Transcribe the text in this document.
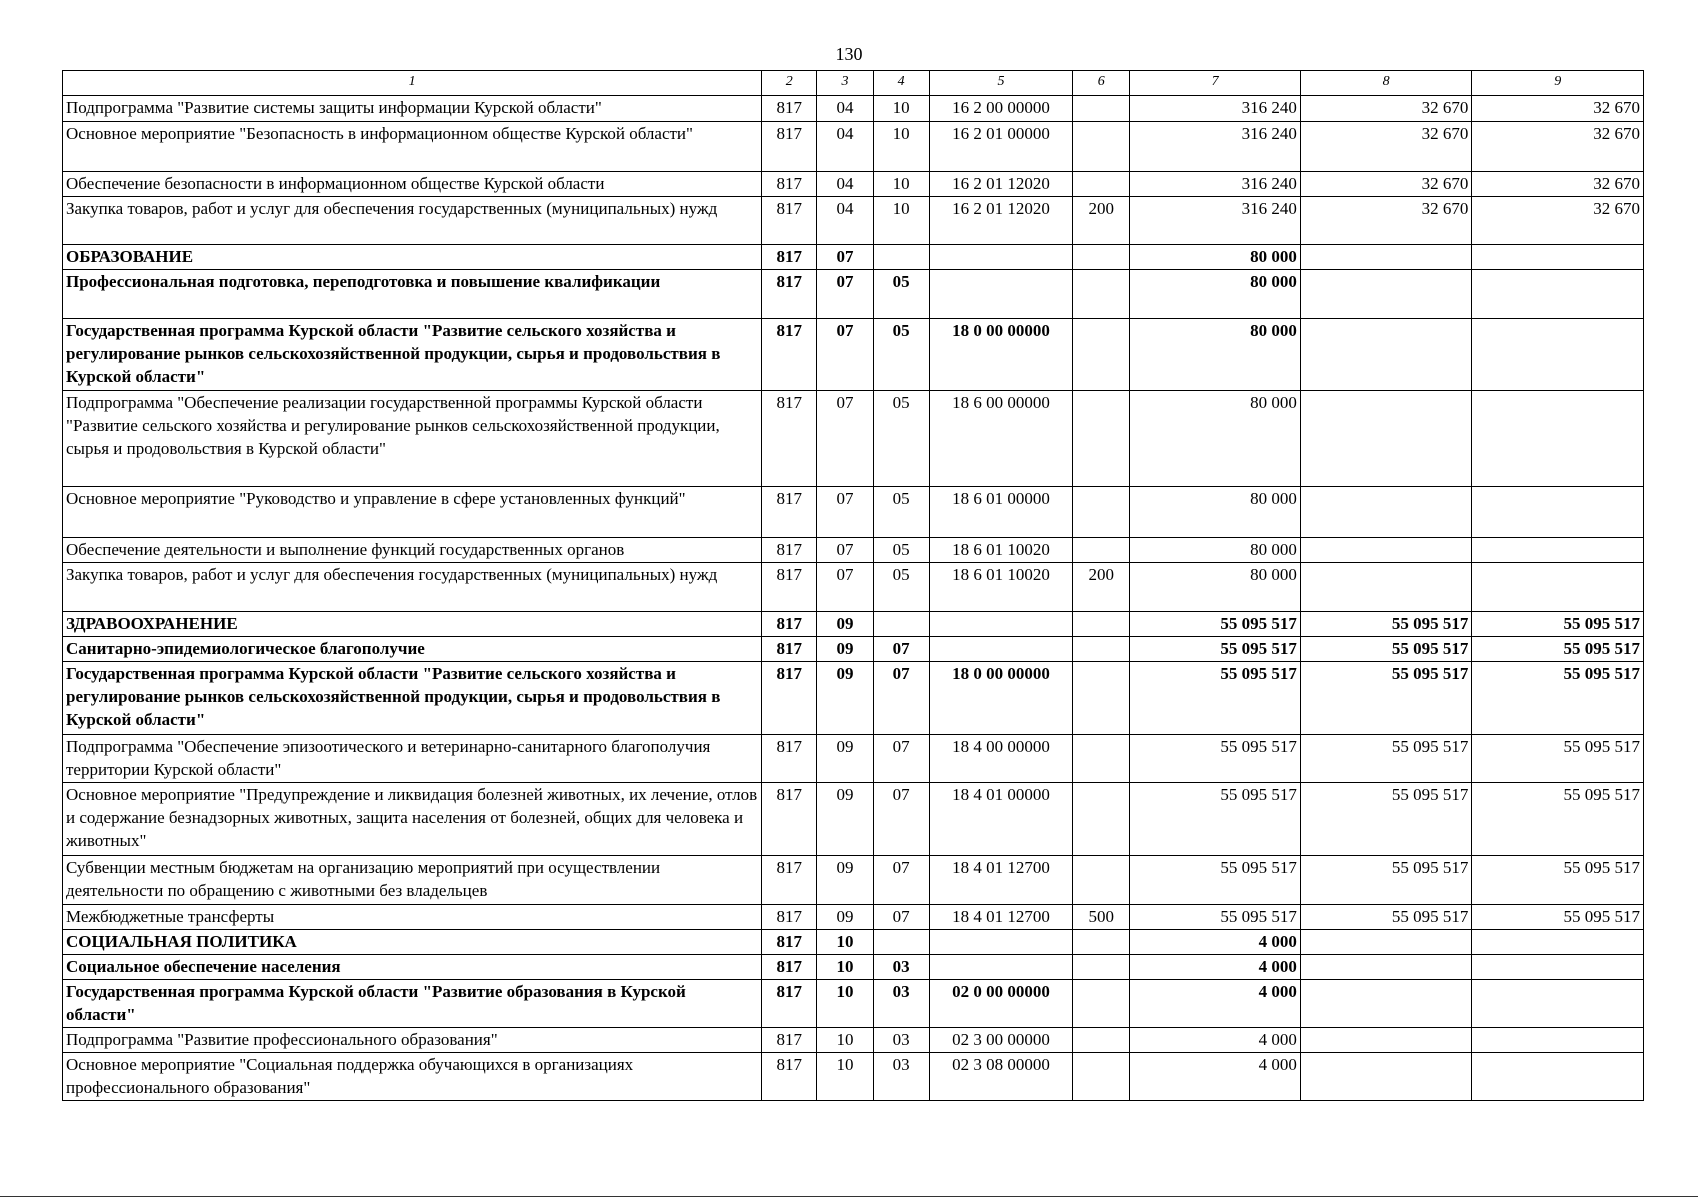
130
1	2	3	4	5	6	7	8	9
Подпрограмма "Развитие системы защиты информации Курской области"	817	04	10	16 2 00 00000		316 240	32 670	32 670
Основное мероприятие "Безопасность в информационном обществе Курской области"	817	04	10	16 2 01 00000		316 240	32 670	32 670
Обеспечение безопасности в информационном обществе Курской области	817	04	10	16 2 01 12020		316 240	32 670	32 670
Закупка товаров, работ и услуг для обеспечения государственных (муниципальных) нужд	817	04	10	16 2 01 12020	200	316 240	32 670	32 670
ОБРАЗОВАНИЕ	817	07				80 000		
Профессиональная подготовка, переподготовка и повышение квалификации	817	07	05			80 000		
Государственная программа Курской области "Развитие сельского хозяйства и регулирование рынков сельскохозяйственной продукции, сырья и продовольствия в Курской области"	817	07	05	18 0 00 00000		80 000		
Подпрограмма "Обеспечение реализации государственной программы Курской области "Развитие сельского хозяйства и регулирование рынков сельскохозяйственной продукции, сырья и продовольствия в Курской области"	817	07	05	18 6 00 00000		80 000		
Основное мероприятие "Руководство и управление в сфере установленных функций"	817	07	05	18 6 01 00000		80 000		
Обеспечение деятельности и выполнение функций государственных органов	817	07	05	18 6 01 10020		80 000		
Закупка товаров, работ и услуг для обеспечения государственных (муниципальных) нужд	817	07	05	18 6 01 10020	200	80 000		
ЗДРАВООХРАНЕНИЕ	817	09				55 095 517	55 095 517	55 095 517
Санитарно-эпидемиологическое благополучие	817	09	07			55 095 517	55 095 517	55 095 517
Государственная программа Курской области "Развитие сельского хозяйства и регулирование рынков сельскохозяйственной продукции, сырья и продовольствия в Курской области"	817	09	07	18 0 00 00000		55 095 517	55 095 517	55 095 517
Подпрограмма "Обеспечение эпизоотического и ветеринарно-санитарного благополучия территории Курской области"	817	09	07	18 4 00 00000		55 095 517	55 095 517	55 095 517
Основное мероприятие "Предупреждение и ликвидация болезней животных, их лечение, отлов и содержание безнадзорных животных, защита населения от болезней, общих для человека и животных"	817	09	07	18 4 01 00000		55 095 517	55 095 517	55 095 517
Субвенции местным бюджетам на организацию мероприятий при осуществлении деятельности по обращению с животными без владельцев	817	09	07	18 4 01 12700		55 095 517	55 095 517	55 095 517
Межбюджетные трансферты	817	09	07	18 4 01 12700	500	55 095 517	55 095 517	55 095 517
СОЦИАЛЬНАЯ ПОЛИТИКА	817	10				4 000		
Социальное обеспечение населения	817	10	03			4 000		
Государственная программа Курской области "Развитие образования в Курской области"	817	10	03	02 0 00 00000		4 000		
Подпрограмма "Развитие профессионального образования"	817	10	03	02 3 00 00000		4 000		
Основное мероприятие "Социальная поддержка обучающихся в организациях профессионального образования"	817	10	03	02 3 08 00000		4 000		
